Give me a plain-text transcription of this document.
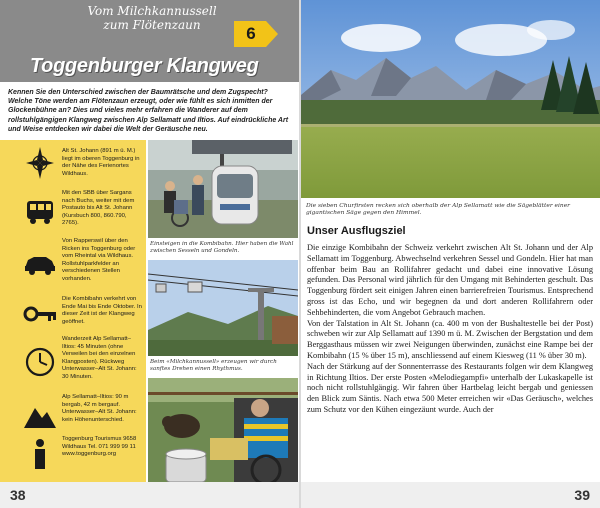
Vom Milchkannussell
zum Flötenzaun	6
Toggenburger Klangweg
Kennen Sie den Unterschied zwischen der Baumrätsche und dem Zugspecht? Welche Töne werden am Flötenzaun erzeugt, oder wie fühlt es sich inmitten der Glockenbühne an? Dies und vieles mehr erfahren die Wanderer auf dem rollstuhlgängigen Klangweg zwischen Alp Sellamatt und Iltios. Auf eindrückliche Art und Weise entdecken wir dabei die Welt der Geräusche neu.
Alt St. Johann (891 m ü. M.) liegt im oberen Toggenburg in der Nähe des Ferienortes Wildhaus.
Mit den SBB über Sargans nach Buchs, weiter mit dem Postauto bis Alt St. Johann (Kursbuch 800, 860.790, 2765).
Von Rapperswil über den Ricken ins Toggenburg oder vom Rheintal via Wildhaus. Rollstuhlparkfelder an verschiedenen Stellen vorhanden.
Die Kombibahn verkehrt von Ende Mai bis Ende Oktober. In dieser Zeit ist der Klangweg geöffnet.
Wanderzeit Alp Sellamatt–Iltios: 45 Minuten (ohne Verweilen bei den einzelnen Klangposten). Rückweg Unterwasser–Alt St. Johann: 30 Minuten.
Alp Sellamatt–Iltios: 90 m bergab, 42 m bergauf. Unterwasser–Alt St. Johann: kein Höhenunterschied.
Toggenburg Tourismus 9658 Wildhaus Tel. 071 999 99 11 www.toggenburg.org
Einsteigen in die Kombibahn. Hier haben die Wahl zwischen Sesseln und Gondeln.
Beim «Milchkannussell» erzeugen wir durch sanftes Drehen einen Rhythmus.
38
Die sieben Churfirsten recken sich oberhalb der Alp Sellamatt wie die Sägeblätter einer gigantischen Säge gegen den Himmel.
Unser Ausflugsziel

Die einzige Kombibahn der Schweiz verkehrt zwischen Alt St. Johann und der Alp Sellamatt im Toggenburg. Abwechselnd verkehren Sessel und Gondeln. Hier hat man offenbar beim Bau an Rollifahrer gedacht und dabei eine innovative Lösung gefunden. Das Personal wird jährlich für den Umgang mit Behinderten geschult. Das Toggenburg fördert seit einigen Jahren einen barrierefreien Tourismus. Entsprechend gross ist das Echo, und wir begegnen da und dort anderen Rollifahrern oder Sehbehinderten, die vom Angebot Gebrauch machen.

Von der Talstation in Alt St. Johann (ca. 400 m von der Bushaltestelle bei der Post) schweben wir zur Alp Sellamatt auf 1390 m ü. M. Zwischen der Bergstation und dem Berggasthaus müssen wir zwei Neigungen überwinden, zunächst eine Rampe bei der Kombibahn (15 % über 15 m), anschliessend auf einem Kiesweg (11 % über 30 m).

Nach der Stärkung auf der Sonnenterrasse des Restaurants folgen wir dem Klangweg in Richtung Iltios. Der erste Posten «Melodiegampfi» unterhalb der Lukaskapelle ist noch nicht rollstuhlgängig. Wir fahren über Hartbelag leicht bergab und geniessen den Blick zum Säntis. Nach etwa 500 Meter erreichen wir «Das Geräusch», welches zum Schutz vor den Kühen eingezäunt wurde. Auch der

39
